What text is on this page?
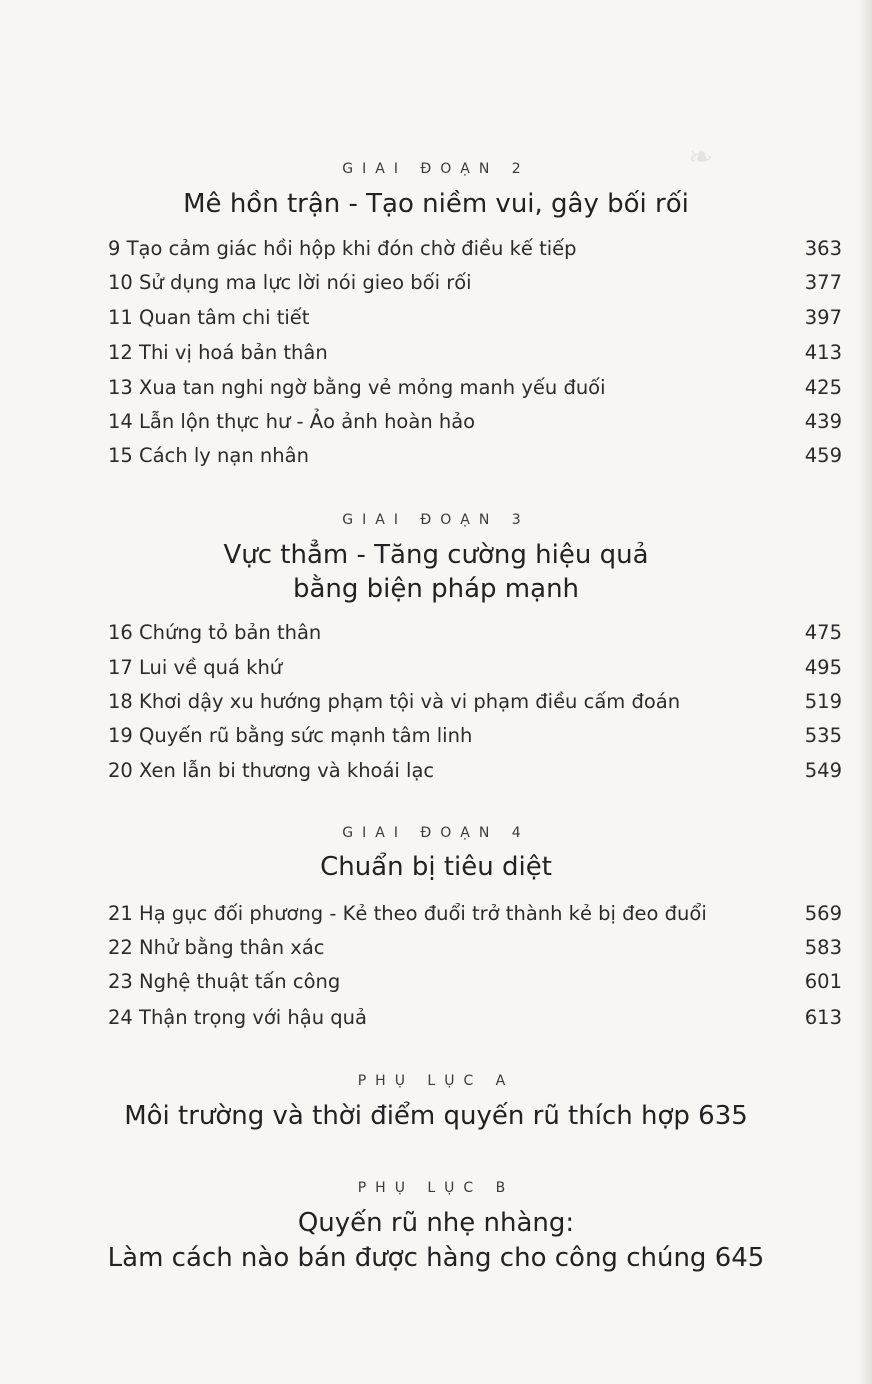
❧
GIAI ĐOẠN 2
Mê hồn trận - Tạo niềm vui, gây bối rối
9 Tạo cảm giác hồi hộp khi đón chờ điều kế tiếp	363
10 Sử dụng ma lực lời nói gieo bối rối	377
11 Quan tâm chi tiết	397
12 Thi vị hoá bản thân	413
13 Xua tan nghi ngờ bằng vẻ mỏng manh yếu đuối	425
14 Lẫn lộn thực hư - Ảo ảnh hoàn hảo	439
15 Cách ly nạn nhân	459
GIAI ĐOẠN 3
Vực thẳm - Tăng cường hiệu quả
bằng biện pháp mạnh
16 Chứng tỏ bản thân	475
17 Lui về quá khứ	495
18 Khơi dậy xu hướng phạm tội và vi phạm điều cấm đoán	519
19 Quyến rũ bằng sức mạnh tâm linh	535
20 Xen lẫn bi thương và khoái lạc	549
GIAI ĐOẠN 4
Chuẩn bị tiêu diệt
21 Hạ gục đối phương - Kẻ theo đuổi trở thành kẻ bị đeo đuổi	569
22 Nhử bằng thân xác	583
23 Nghệ thuật tấn công	601
24 Thận trọng với hậu quả	613
PHỤ LỤC A
Môi trường và thời điểm quyến rũ thích hợp 635
PHỤ LỤC B
Quyến rũ nhẹ nhàng:
Làm cách nào bán được hàng cho công chúng 645
